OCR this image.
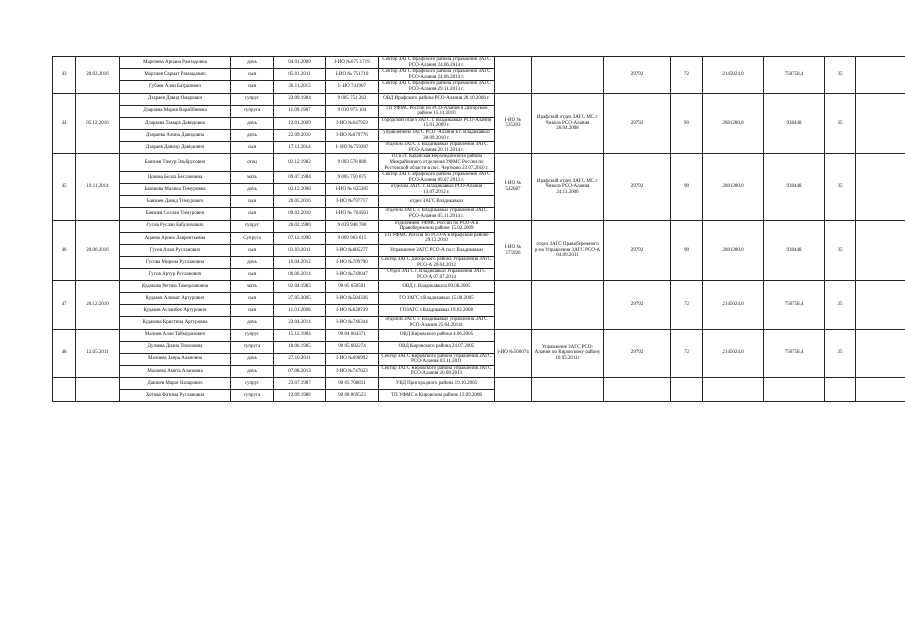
43	20.03.2016	Маргиева Ариана Рамзадовна	дочь	04.01.2009	I-ИО №675 1719	Сектор ЗАГС Ирафского района управления ЗАГС РСО-Алания 24.06.2014 г.			29792	72	2145024,0	750758,4	35	
		Маргиев Сармат Рамзадович	сын	05.01.2011	I-ИО № 751710	Сектор ЗАГС Ирафского района управления ЗАГС РСО-Алания 24.06.2014 г.								
		Губаев Алан Батразович	сын	26.11.2013	I- ИО 741907	Сектор ЗАГС Ирафского района управления ЗАГС РСО-Алания 29.11.2013 г.								
44	05.12.2016	Дзараев Давид Омарович	супруг	23.09.1984	9 005 751 262	ОВД Ирафского района РСО-Алания 28.10.2006 г.	I-ИО № 535203	Ирафский отдел ЗАГС МС г. Чикола РСО-Алания 26.04.2008	29792	90	2681280,0	938448	35	
		Дзараева Мария Вараббиевна	супруга	11.09.1987	9 010 973 104	ТП УФМС России по РСО-Алания в Дигорском районе 15.11.2010								
		Дзараева Тамара Давидовна	дочь	12.01.2009	I-ИО №647959	Городской отдел ЗАГС г. Владикавказ РСО-Алания 15.01.2009 г.								
		Дзараева Алина Давидовна	дочь	22.09.2010	I-ИО №679776	управлением ЗАГС РСО -Алания в г. Владикавказ 28.09.2010 г.								
		Дзараев Даниэр Давидович	сын	17.11.2014	I- ИО №759387	отделом ЗАГС г. Владикавказ управления ЗАГС РСО-Алания 20.11.2014 г.								
45	19.11.2014	Баязиев Тимур Эльбрусович	отец	02.12.1982	9 003 578 880	ТП в ст. Казанская Верхнедонского района Межрайонного отделения УФМС России по Ростовской области в пос. Чертково 23.07.2010 г.	I-ИО № 542687	Ирафский отдел ЗАГС МС г. Чикола РСО-Алания 24.11.2006	29792	90	2681280,0	938448	35	
		Цокова Белла Беслановна	мать	09.07.1984	9 005 750 675	Сектор ЗАГС Ирафского района управления ЗАГС РСО-Алания 09.07.2013 г.								
		Баязиева Малика Тимуровна	дочь	03.12.2008	I-ИО № 625385	отделом ЗАГС г. Владикавказ РСО-Алания 13.07.2012 г.								
		Баязиев Давид Тимурович	сын	20.05.2016	I-ИО №797717	отдел ЗАГС Владикавказ								
		Баязиев Сослан Тимурович	сын	09.02.2010	I-ИО № 704561	отделом ЗАГС г. Владикавказ управления ЗАГС РСО-Алания 05.11.2014 г.								
46	20.06.2016	Гусов Руслан Бабуличович	супруг	26.02.1980	9 039 948 780	отделением УФМС России по РСО-А в Правобережном районе 15.02.2009	I-ИО № 575926	отдел ЗАГС Правобережного р-на Управления ЗАГС РСО-А 04.09.2011	29792	90	2681280,0	938448	35	
		Ацаева Арина Лаврентьевна	Супруга	07.12.1990	9 009 983 615	ТП УФМС России по РСО-А в Ирафском районе 29.12.2010								
		Гусов Алан Русланович	сын	03.03.2011	I-ИО №685277	Управление ЗАГС РСО-А по г. Владикавказ								
		Гусова Мирена Руслановна	дочь	16.04.2012	I-ИО №709790	Сектор ЗАГС Дигорского района Управления ЗАГС РСО-А 20.04.2012								
		Гусов Артур Русланович	сын	06.06.2014	I-ИО №749047	Отдел ЗАГС г. Владикавказ Управления ЗАГС РСО-А 07.07.2014								
47	20.12.2010	Кудакова Регина Тамерлановна	мать	02.04.1983	90 05 650591	ОВД г. Владикавказа 09.08.2005			29792	72	2145024,0	750758,4	35	
		Кудаков Алимат Артурович	сын	27.05.2005	I-ИО №584336	ГО ЗАГС г.Владикавказ 15.08.2005								
		Кудаков Асланбек Артурович	сын	11.01.2008	I-ИО №628739	ГОЗАГС г.Владикавказ 19.02.2008								
		Кудакова Кристина Артуровна	дочь	23.04.2014	I-ИО №746344	отделом ЗАГС г. Владикавказ управления ЗАГС РСО-Алания 25.04.2014г.								
48	12.05.2011	Малиев Алан Таймуразович	супруг	15.12.1984	90 04 664371	ОВД Кировского района 4.06.2005	I-ИО №566074	Управление ЗАГС РСО-Алания по Кировскому району 10.05.2011г	29792	72	2145024,0	750758,4	35	
		Дулаева Диана Томазовна	супруга	18.06.1985	90 05 682274	ОВД Кировского района 24.07.2005								
		Малиева Заира Алановна	дочь	27.10.2011	I-ИО №696992	Сектор ЗАГС Кировского района управления ЗАГС РСО-Алания 03.11.2011								
		Малиева Амета Алановна	дочь	07.08.2013	I-ИО №747623	Сектор ЗАГС Кировского района управления ЗАГС РСО-Алания 20.08.2013								
		Дашиев Марат Назарович	супруг	23.07.1987	90 05 708831	УВД Пригородного района 19.10.2005								
		Хетова Фатима Руслановна	супруга	12.09.1988	90 08 869523	ТП УФМС в Кировском районе 12.09.2008								
